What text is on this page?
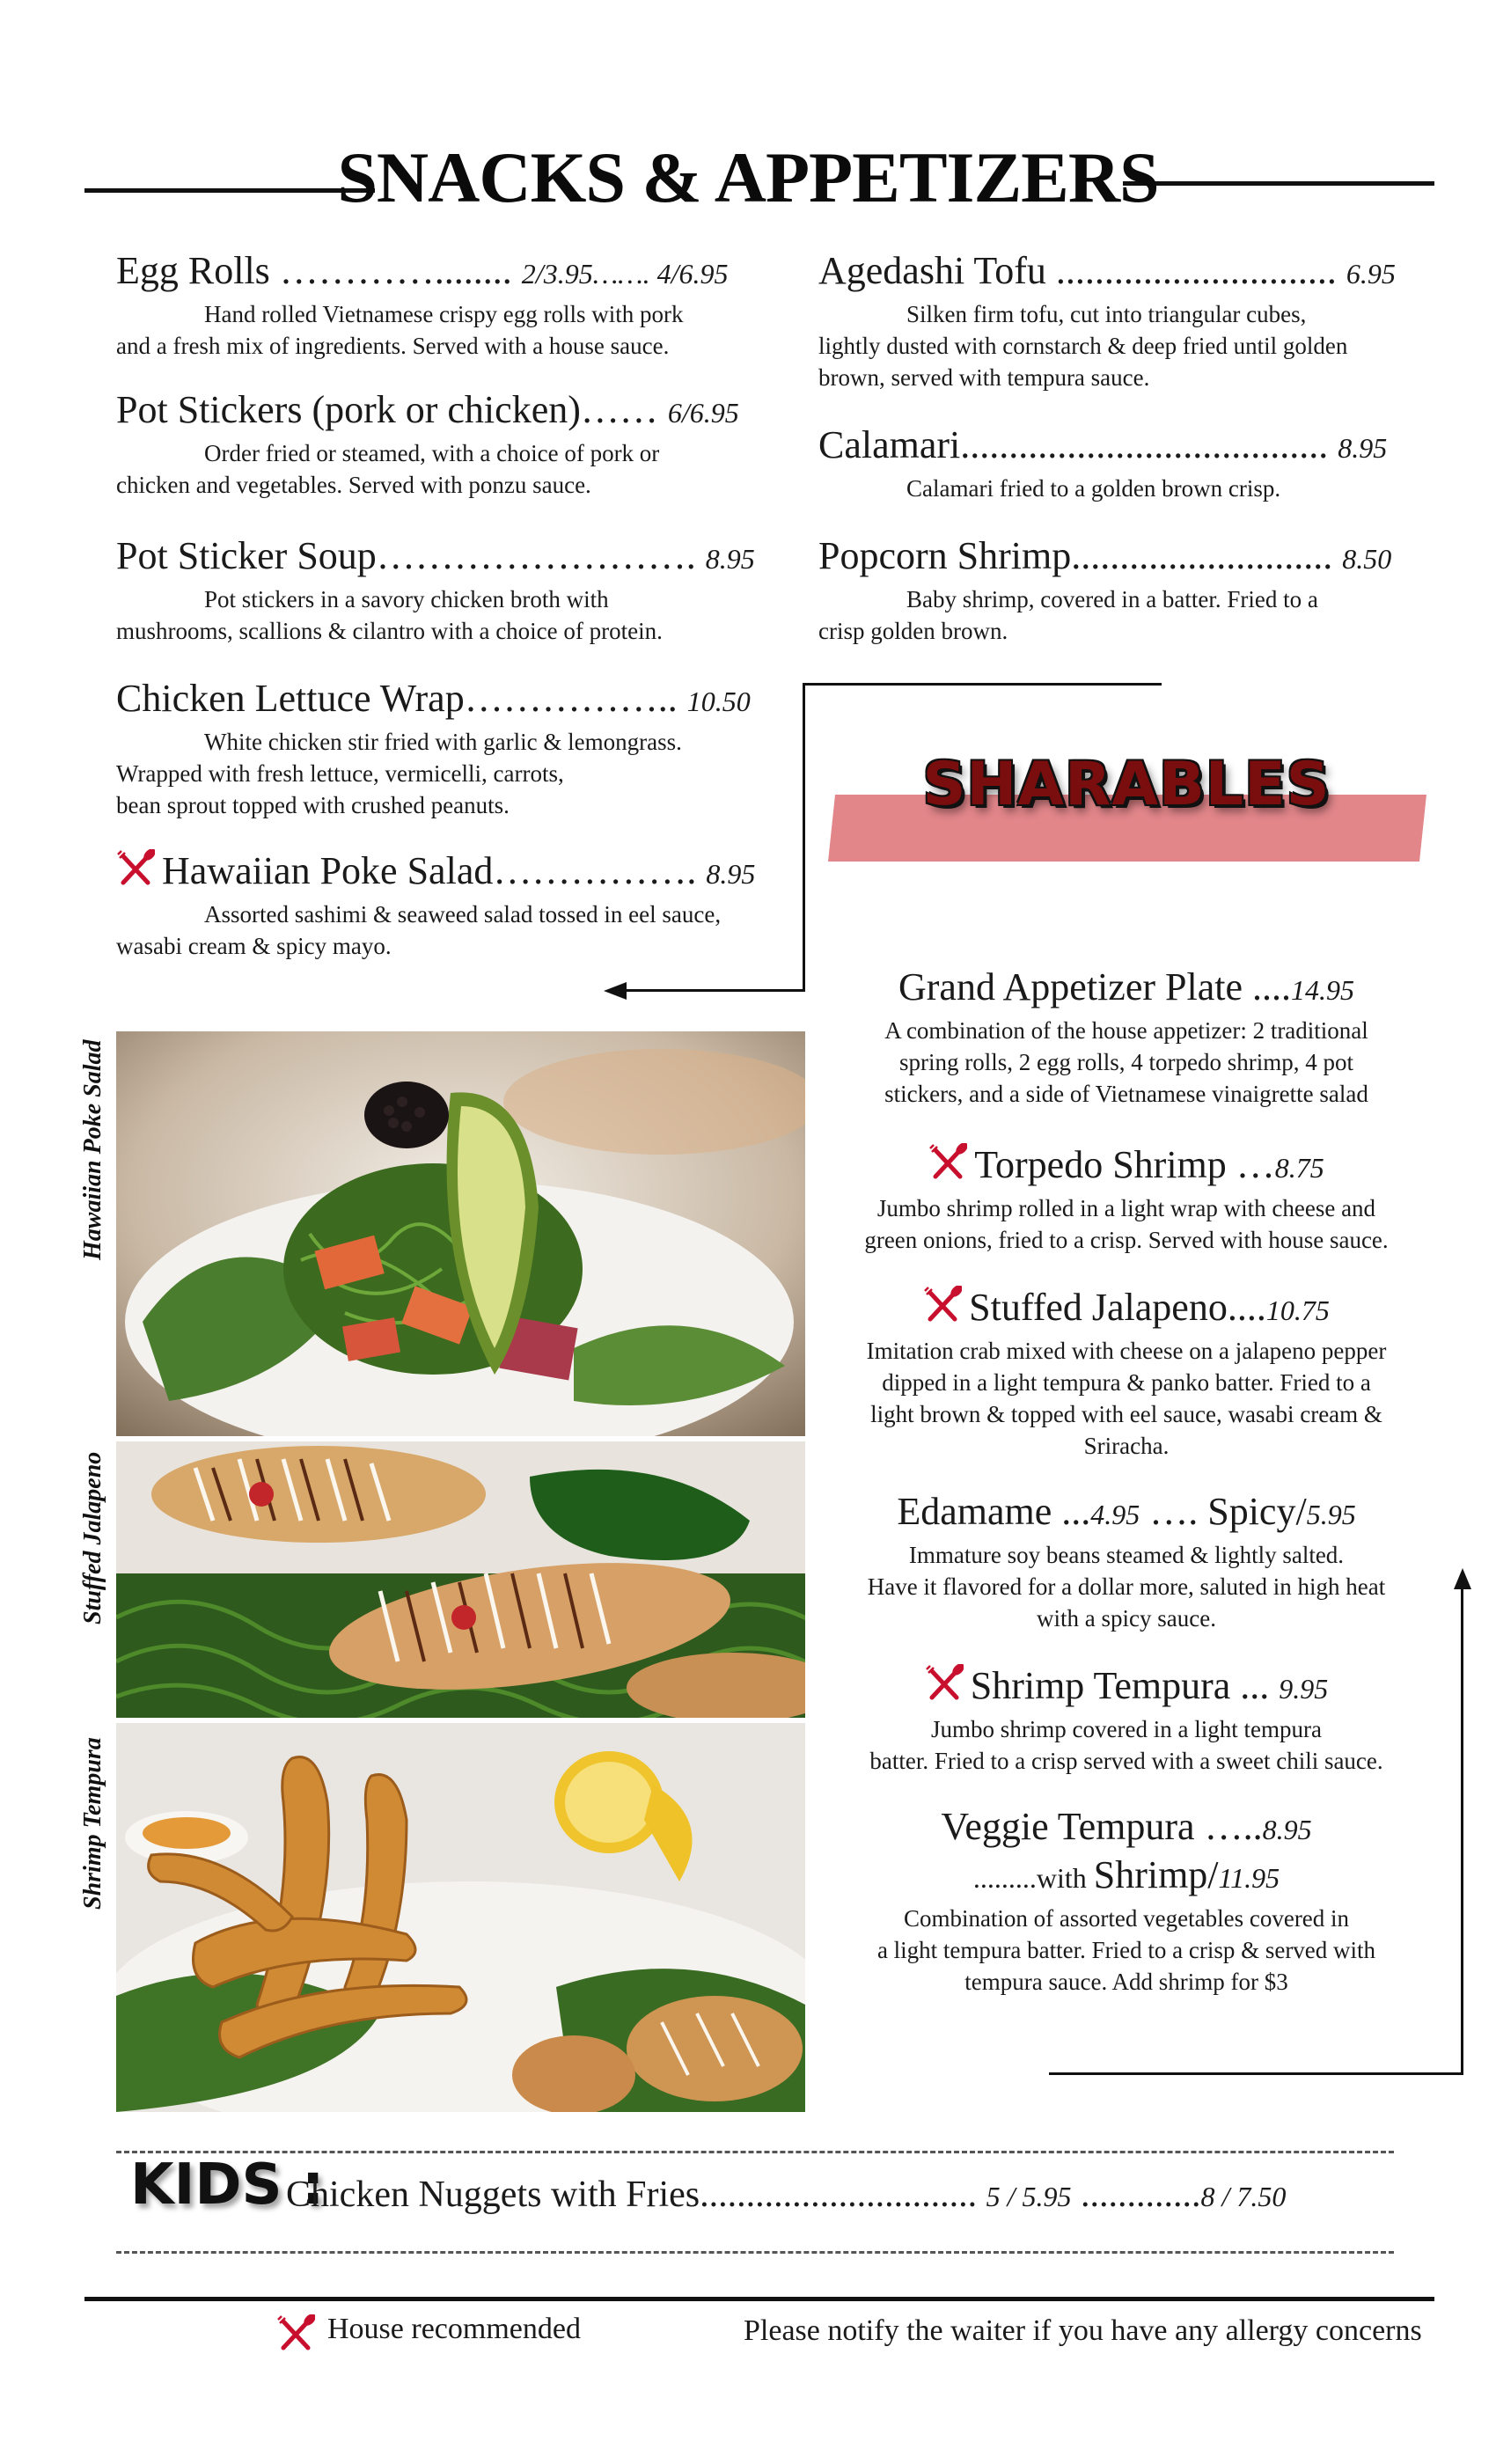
SNACKS & APPETIZERS
Egg Rolls …………........ 2/3.95……. 4/6.95
Hand rolled Vietnamese crispy egg rolls with pork
and a fresh mix of ingredients. Served with a house sauce.
Pot Stickers (pork or chicken)…… 6/6.95
Order fried or steamed, with a choice of pork or
chicken and vegetables. Served with ponzu sauce.
Pot Sticker Soup……………………. 8.95
Pot stickers in a savory chicken broth with
mushrooms, scallions & cilantro with a choice of protein.
Chicken Lettuce Wrap…………….. 10.50
White chicken stir fried with garlic & lemongrass.
Wrapped with fresh lettuce, vermicelli, carrots,
bean sprout topped with crushed peanuts.
Hawaiian Poke Salad……………. 8.95
Assorted sashimi & seaweed salad tossed in eel sauce,
wasabi cream & spicy mayo.
Agedashi Tofu ............................. 6.95
Silken firm tofu, cut into triangular cubes,
lightly dusted with cornstarch & deep fried until golden
brown, served with tempura sauce.
Calamari...................................... 8.95
Calamari fried to a golden brown crisp.
Popcorn Shrimp........................... 8.50
Baby shrimp, covered in a batter. Fried to a
crisp golden brown.
SHARABLES
Grand Appetizer Plate ....14.95
A combination of the house appetizer: 2 traditional
spring rolls, 2 egg rolls, 4 torpedo shrimp, 4 pot
stickers, and a side of Vietnamese vinaigrette salad
Torpedo Shrimp …8.75
Jumbo shrimp rolled in a light wrap with cheese and
green onions, fried to a crisp. Served with house sauce.
Stuffed Jalapeno....10.75
Imitation crab mixed with cheese on a jalapeno pepper
dipped in a light tempura & panko batter. Fried to a
light brown & topped with eel sauce, wasabi cream &
Sriracha.
Edamame ...4.95 …. Spicy/5.95
Immature soy beans steamed & lightly salted.
Have it flavored for a dollar more, saluted in high heat
with a spicy sauce.
Shrimp Tempura ... 9.95
Jumbo shrimp covered in a light tempura
batter. Fried to a crisp served with a sweet chili sauce.
Veggie Tempura …..8.95
.........with Shrimp/11.95
Combination of assorted vegetables covered in
a light tempura batter. Fried to a crisp & served with
tempura sauce. Add shrimp for $3
Hawaiian Poke Salad
Stuffed Jalapeno
Shrimp Tempura
KIDS :
Chicken Nuggets with Fries.............................. 5 / 5.95 .............8 / 7.50
House recommended	Please notify the waiter if you have any allergy concerns
